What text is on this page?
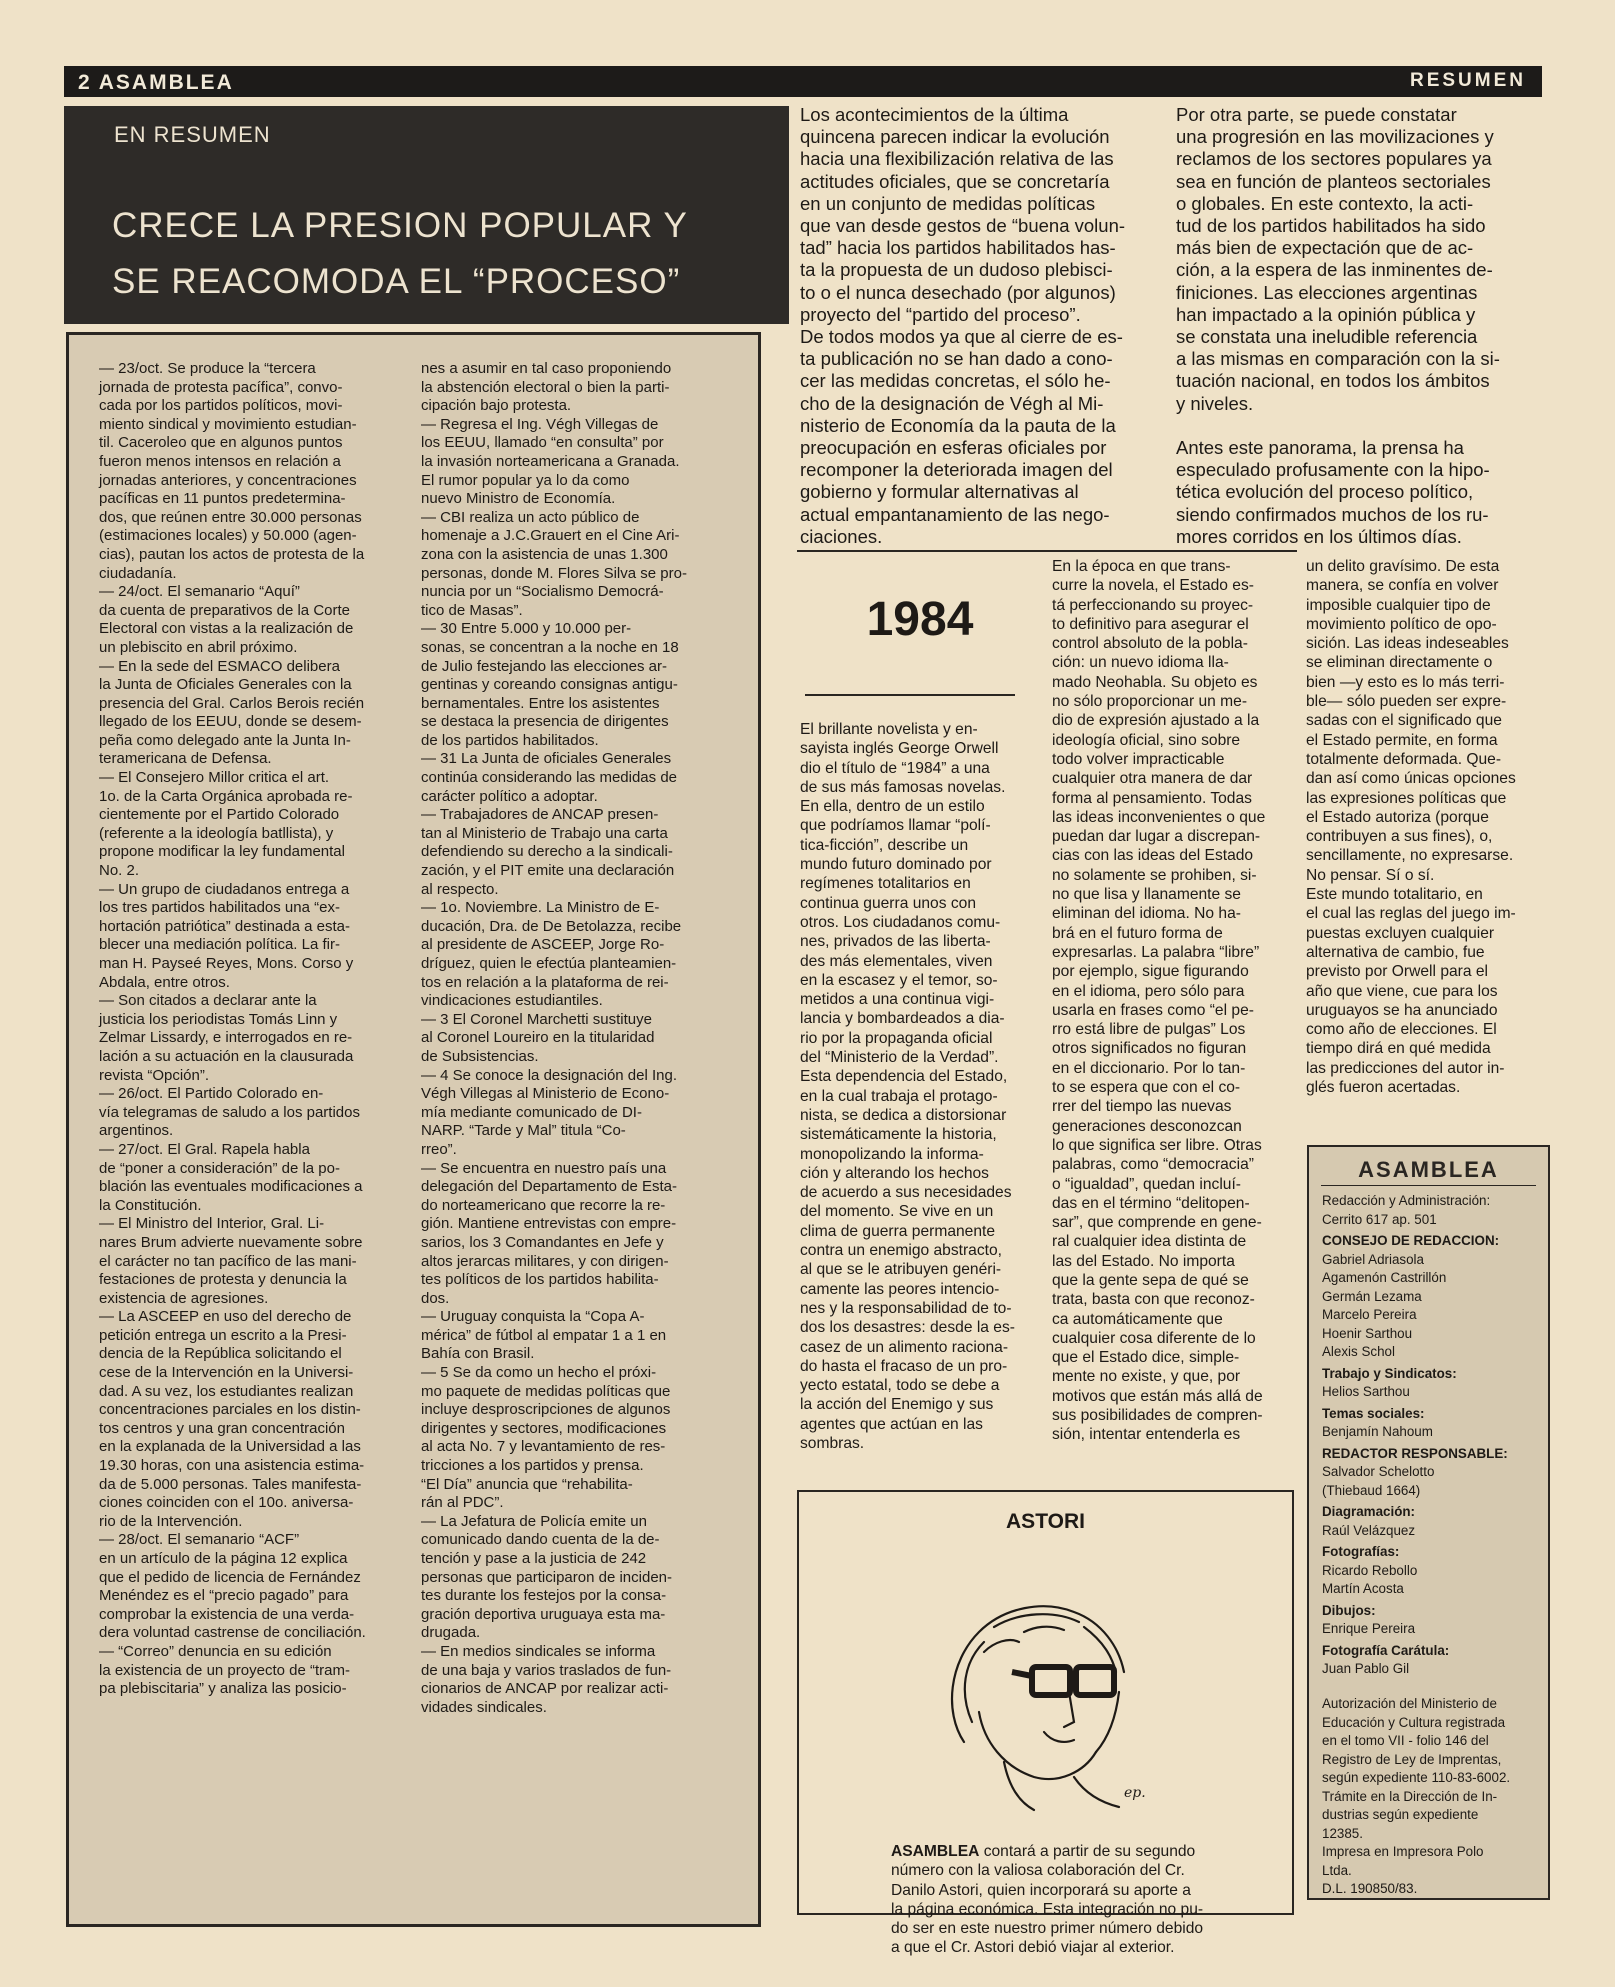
2 ASAMBLEA	RESUMEN
EN RESUMEN
CRECE LA PRESION POPULAR Y
SE REACOMODA EL “PROCESO”
— 23/oct. Se produce la “tercera
jornada de protesta pacífica”, convo-
cada por los partidos políticos, movi-
miento sindical y movimiento estudian-
til. Caceroleo que en algunos puntos
fueron menos intensos en relación a
jornadas anteriores, y concentraciones
pacíficas en 11 puntos predetermina-
dos, que reúnen entre 30.000 personas
(estimaciones locales) y 50.000 (agen-
cias), pautan los actos de protesta de la
ciudadanía.
— 24/oct. El semanario “Aquí”
da cuenta de preparativos de la Corte
Electoral con vistas a la realización de
un plebiscito en abril próximo.
— En la sede del ESMACO delibera
la Junta de Oficiales Generales con la
presencia del Gral. Carlos Berois recién
llegado de los EEUU, donde se desem-
peña como delegado ante la Junta In-
teramericana de Defensa.
— El Consejero Millor critica el art.
1o. de la Carta Orgánica aprobada re-
cientemente por el Partido Colorado
(referente a la ideología batllista), y
propone modificar la ley fundamental
No. 2.
— Un grupo de ciudadanos entrega a
los tres partidos habilitados una “ex-
hortación patriótica” destinada a esta-
blecer una mediación política. La fir-
man H. Payseé Reyes, Mons. Corso y
Abdala, entre otros.
— Son citados a declarar ante la
justicia los periodistas Tomás Linn y
Zelmar Lissardy, e interrogados en re-
lación a su actuación en la clausurada
revista “Opción”.
— 26/oct. El Partido Colorado en-
vía telegramas de saludo a los partidos
argentinos.
— 27/oct. El Gral. Rapela habla
de “poner a consideración” de la po-
blación las eventuales modificaciones a
la Constitución.
— El Ministro del Interior, Gral. Li-
nares Brum advierte nuevamente sobre
el carácter no tan pacífico de las mani-
festaciones de protesta y denuncia la
existencia de agresiones.
— La ASCEEP en uso del derecho de
petición entrega un escrito a la Presi-
dencia de la República solicitando el
cese de la Intervención en la Universi-
dad. A su vez, los estudiantes realizan
concentraciones parciales en los distin-
tos centros y una gran concentración
en la explanada de la Universidad a las
19.30 horas, con una asistencia estima-
da de 5.000 personas. Tales manifesta-
ciones coinciden con el 10o. aniversa-
rio de la Intervención.
— 28/oct. El semanario “ACF”
en un artículo de la página 12 explica
que el pedido de licencia de Fernández
Menéndez es el “precio pagado” para
comprobar la existencia de una verda-
dera voluntad castrense de conciliación.
— “Correo” denuncia en su edición
la existencia de un proyecto de “tram-
pa plebiscitaria” y analiza las posicio-
nes a asumir en tal caso proponiendo
la abstención electoral o bien la parti-
cipación bajo protesta.
— Regresa el Ing. Végh Villegas de
los EEUU, llamado “en consulta” por
la invasión norteamericana a Granada.
El rumor popular ya lo da como
nuevo Ministro de Economía.
— CBI realiza un acto público de
homenaje a J.C.Grauert en el Cine Ari-
zona con la asistencia de unas 1.300
personas, donde M. Flores Silva se pro-
nuncia por un “Socialismo Democrá-
tico de Masas”.
— 30 Entre 5.000 y 10.000 per-
sonas, se concentran a la noche en 18
de Julio festejando las elecciones ar-
gentinas y coreando consignas antigu-
bernamentales. Entre los asistentes
se destaca la presencia de dirigentes
de los partidos habilitados.
— 31 La Junta de oficiales Generales
continúa considerando las medidas de
carácter político a adoptar.
— Trabajadores de ANCAP presen-
tan al Ministerio de Trabajo una carta
defendiendo su derecho a la sindicali-
zación, y el PIT emite una declaración
al respecto.
— 1o. Noviembre. La Ministro de E-
ducación, Dra. de De Betolazza, recibe
al presidente de ASCEEP, Jorge Ro-
dríguez, quien le efectúa planteamien-
tos en relación a la plataforma de rei-
vindicaciones estudiantiles.
— 3 El Coronel Marchetti sustituye
al Coronel Loureiro en la titularidad
de Subsistencias.
— 4 Se conoce la designación del Ing.
Végh Villegas al Ministerio de Econo-
mía mediante comunicado de DI-
NARP. “Tarde y Mal” titula “Co-
rreo”.
— Se encuentra en nuestro país una
delegación del Departamento de Esta-
do norteamericano que recorre la re-
gión. Mantiene entrevistas con empre-
sarios, los 3 Comandantes en Jefe y
altos jerarcas militares, y con dirigen-
tes políticos de los partidos habilita-
dos.
— Uruguay conquista la “Copa A-
mérica” de fútbol al empatar 1 a 1 en
Bahía con Brasil.
— 5 Se da como un hecho el próxi-
mo paquete de medidas políticas que
incluye desproscripciones de algunos
dirigentes y sectores, modificaciones
al acta No. 7 y levantamiento de res-
tricciones a los partidos y prensa.
“El Día” anuncia que “rehabilita-
rán al PDC”.
— La Jefatura de Policía emite un
comunicado dando cuenta de la de-
tención y pase a la justicia de 242
personas que participaron de inciden-
tes durante los festejos por la consa-
gración deportiva uruguaya esta ma-
drugada.
— En medios sindicales se informa
de una baja y varios traslados de fun-
cionarios de ANCAP por realizar acti-
vidades sindicales.
Los acontecimientos de la última
quincena parecen indicar la evolución
hacia una flexibilización relativa de las
actitudes oficiales, que se concretaría
en un conjunto de medidas políticas
que van desde gestos de “buena volun-
tad” hacia los partidos habilitados has-
ta la propuesta de un dudoso plebisci-
to o el nunca desechado (por algunos)
proyecto del “partido del proceso”.
De todos modos ya que al cierre de es-
ta publicación no se han dado a cono-
cer las medidas concretas, el sólo he-
cho de la designación de Végh al Mi-
nisterio de Economía da la pauta de la
preocupación en esferas oficiales por
recomponer la deteriorada imagen del
gobierno y formular alternativas al
actual empantanamiento de las nego-
ciaciones.
Por otra parte, se puede constatar
una progresión en las movilizaciones y
reclamos de los sectores populares ya
sea en función de planteos sectoriales
o globales. En este contexto, la acti-
tud de los partidos habilitados ha sido
más bien de expectación que de ac-
ción, a la espera de las inminentes de-
finiciones. Las elecciones argentinas
han impactado a la opinión pública y
se constata una ineludible referencia
a las mismas en comparación con la si-
tuación nacional, en todos los ámbitos
y niveles.

Antes este panorama, la prensa ha
especulado profusamente con la hipo-
tética evolución del proceso político,
siendo confirmados muchos de los ru-
mores corridos en los últimos días.
1984
El brillante novelista y en-
sayista inglés George Orwell
dio el título de “1984” a una
de sus más famosas novelas.
En ella, dentro de un estilo
que podríamos llamar “polí-
tica-ficción”, describe un
mundo futuro dominado por
regímenes totalitarios en
continua guerra unos con
otros. Los ciudadanos comu-
nes, privados de las liberta-
des más elementales, viven
en la escasez y el temor, so-
metidos a una continua vigi-
lancia y bombardeados a dia-
rio por la propaganda oficial
del “Ministerio de la Verdad”.
Esta dependencia del Estado,
en la cual trabaja el protago-
nista, se dedica a distorsionar
sistemáticamente la historia,
monopolizando la informa-
ción y alterando los hechos
de acuerdo a sus necesidades
del momento. Se vive en un
clima de guerra permanente
contra un enemigo abstracto,
al que se le atribuyen genéri-
camente las peores intencio-
nes y la responsabilidad de to-
dos los desastres: desde la es-
casez de un alimento raciona-
do hasta el fracaso de un pro-
yecto estatal, todo se debe a
la acción del Enemigo y sus
agentes que actúan en las
sombras.
En la época en que trans-
curre la novela, el Estado es-
tá perfeccionando su proyec-
to definitivo para asegurar el
control absoluto de la pobla-
ción: un nuevo idioma lla-
mado Neohabla. Su objeto es
no sólo proporcionar un me-
dio de expresión ajustado a la
ideología oficial, sino sobre
todo volver impracticable
cualquier otra manera de dar
forma al pensamiento. Todas
las ideas inconvenientes o que
puedan dar lugar a discrepan-
cias con las ideas del Estado
no solamente se prohiben, si-
no que lisa y llanamente se
eliminan del idioma. No ha-
brá en el futuro forma de
expresarlas. La palabra “libre”
por ejemplo, sigue figurando
en el idioma, pero sólo para
usarla en frases como “el pe-
rro está libre de pulgas” Los
otros significados no figuran
en el diccionario. Por lo tan-
to se espera que con el co-
rrer del tiempo las nuevas
generaciones desconozcan
lo que significa ser libre. Otras
palabras, como “democracia”
o “igualdad”, quedan incluí-
das en el término “delitopen-
sar”, que comprende en gene-
ral cualquier idea distinta de
las del Estado. No importa
que la gente sepa de qué se
trata, basta con que reconoz-
ca automáticamente que
cualquier cosa diferente de lo
que el Estado dice, simple-
mente no existe, y que, por
motivos que están más allá de
sus posibilidades de compren-
sión, intentar entenderla es
un delito gravísimo. De esta
manera, se confía en volver
imposible cualquier tipo de
movimiento político de opo-
sición. Las ideas indeseables
se eliminan directamente o
bien —y esto es lo más terri-
ble— sólo pueden ser expre-
sadas con el significado que
el Estado permite, en forma
totalmente deformada. Que-
dan así como únicas opciones
las expresiones políticas que
el Estado autoriza (porque
contribuyen a sus fines), o,
sencillamente, no expresarse.
No pensar. Sí o sí.
Este mundo totalitario, en
el cual las reglas del juego im-
puestas excluyen cualquier
alternativa de cambio, fue
previsto por Orwell para el
año que viene, cue para los
uruguayos se ha anunciado
como año de elecciones. El
tiempo dirá en qué medida
las predicciones del autor in-
glés fueron acertadas.
ASTORI
ep.
ASAMBLEA contará a partir de su segundo
número con la valiosa colaboración del Cr.
Danilo Astori, quien incorporará su aporte a
la página económica. Esta integración no pu-
do ser en este nuestro primer número debido
a que el Cr. Astori debió viajar al exterior.
ASAMBLEA
Redacción y Administración:
Cerrito 617 ap. 501
CONSEJO DE REDACCION:
Gabriel Adriasola
Agamenón Castrillón
Germán Lezama
Marcelo Pereira
Hoenir Sarthou
Alexis Schol
Trabajo y Sindicatos:
Helios Sarthou
Temas sociales:
Benjamín Nahoum
REDACTOR RESPONSABLE:
Salvador Schelotto
(Thiebaud 1664)
Diagramación:
Raúl Velázquez
Fotografías:
Ricardo Rebollo
Martín Acosta
Dibujos:
Enrique Pereira
Fotografía Carátula:
Juan Pablo Gil
Autorización del Ministerio de
Educación y Cultura registrada
en el tomo VII - folio 146 del
Registro de Ley de Imprentas,
según expediente 110-83-6002.
Trámite en la Dirección de In-
dustrias según expediente
12385.
Impresa en Impresora Polo
Ltda.
D.L. 190850/83.
